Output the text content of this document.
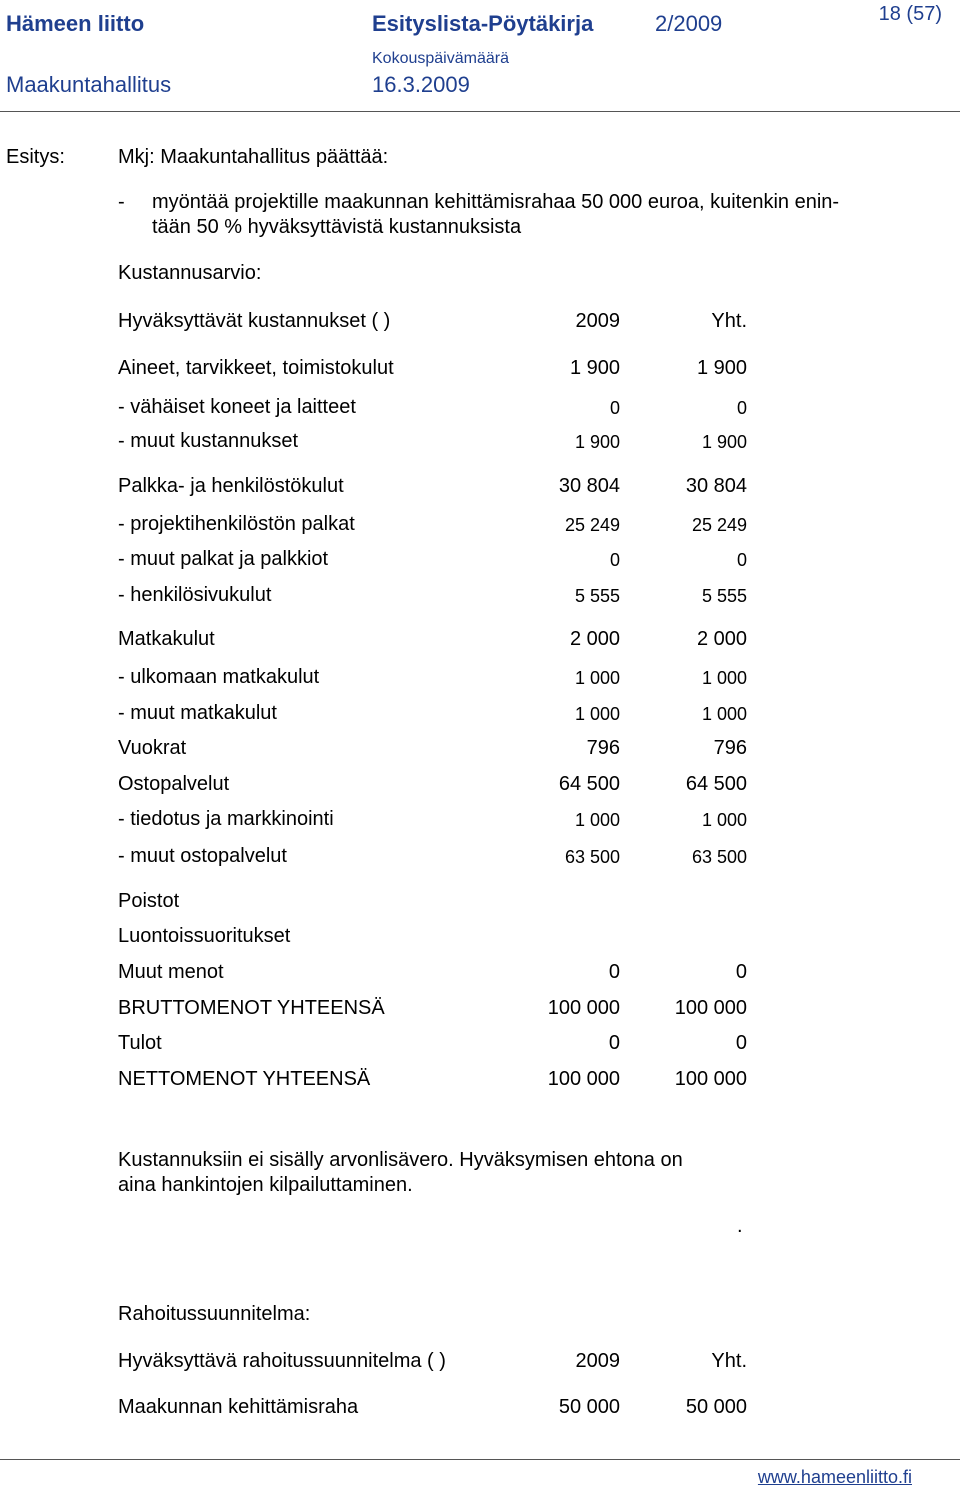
Hämeen liitto	Esityslista-Pöytäkirja	2/2009	18 (57)
Kokouspäivämäärä
Maakuntahallitus	16.3.2009
Esitys:	Mkj: Maakuntahallitus päättää:
- myöntää projektille maakunnan kehittämisrahaa 50 000 euroa, kuitenkin enin-
tään 50 % hyväksyttävistä kustannuksista
Kustannusarvio:
Hyväksyttävät kustannukset ( )	2009	Yht.
Aineet, tarvikkeet, toimistokulut	1 900	1 900
- vähäiset koneet ja laitteet	0	0
- muut kustannukset	1 900	1 900
Palkka- ja henkilöstökulut	30 804	30 804
- projektihenkilöstön palkat	25 249	25 249
- muut palkat ja palkkiot	0	0
- henkilösivukulut	5 555	5 555
Matkakulut	2 000	2 000
- ulkomaan matkakulut	1 000	1 000
- muut matkakulut	1 000	1 000
Vuokrat	796	796
Ostopalvelut	64 500	64 500
- tiedotus ja markkinointi	1 000	1 000
- muut ostopalvelut	63 500	63 500
Poistot
Luontoissuoritukset
Muut menot	0	0
BRUTTOMENOT YHTEENSÄ	100 000	100 000
Tulot	0	0
NETTOMENOT YHTEENSÄ	100 000	100 000
Kustannuksiin ei sisälly arvonlisävero. Hyväksymisen ehtona on
aina hankintojen kilpailuttaminen.
.
Rahoitussuunnitelma:
Hyväksyttävä rahoitussuunnitelma ( )	2009	Yht.
Maakunnan kehittämisraha	50 000	50 000
www.hameenliitto.fi
